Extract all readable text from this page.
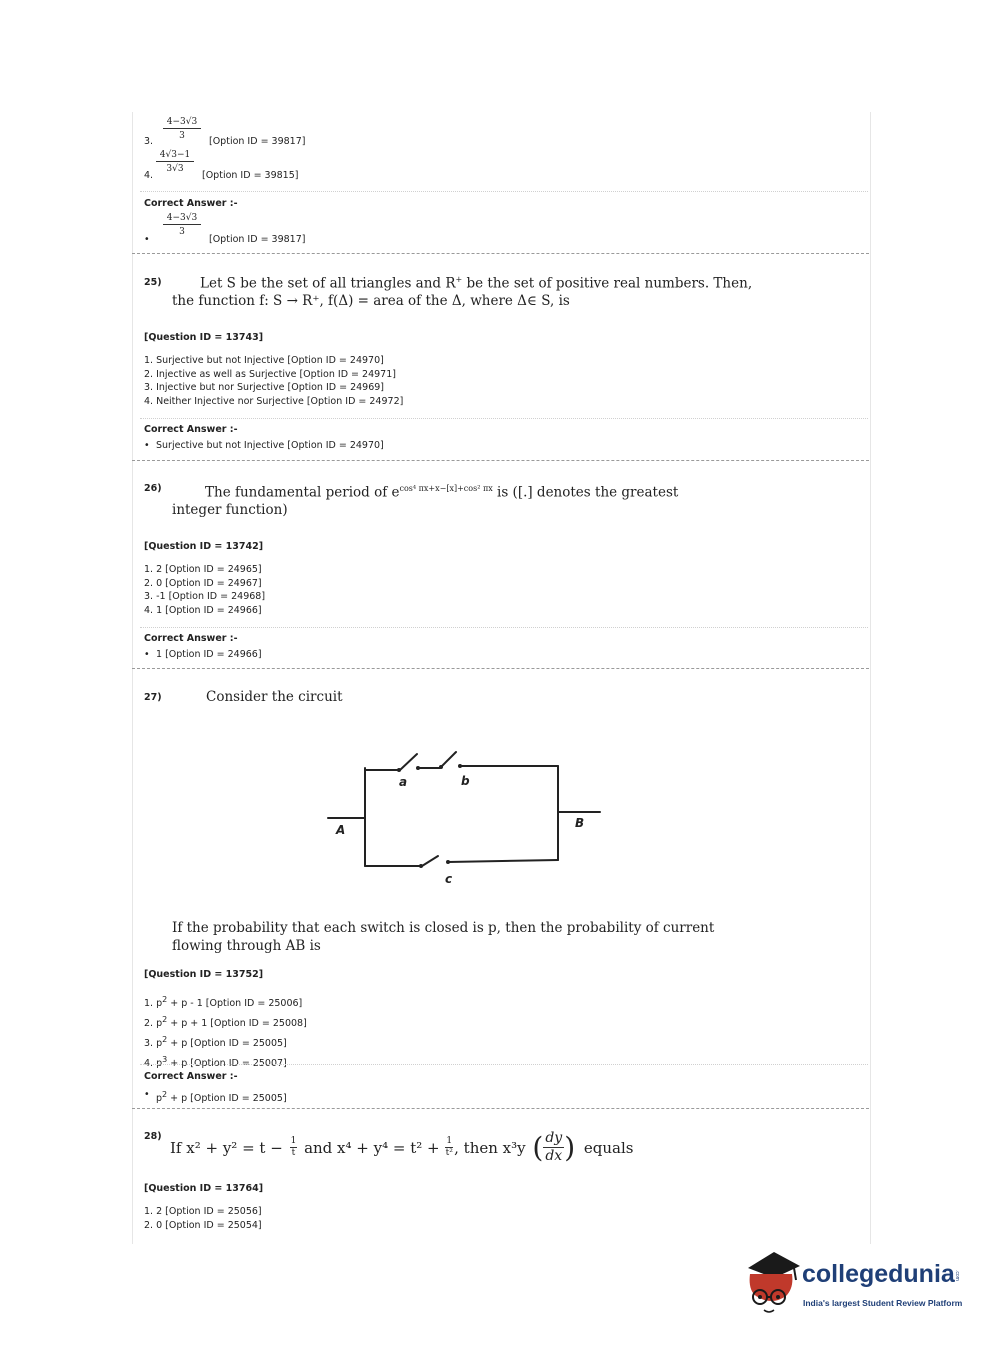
$\frac{4-3√3}{3}$
3.	[Option ID = 39817]
$\frac{4√3-1}{3√3}$
4.	[Option ID = 39815]
Correct Answer :-
$\frac{4-3√3}{3}$
•	[Option ID = 39817]
25)	Let S be the set of all triangles and R+ be the set of positive real numbers. Then,
the function f: S → R⁺, f(Δ) = area of the Δ, where Δ∈ S, is
[Question ID = 13743]
1. Surjective but not Injective [Option ID = 24970]
2. Injective as well as Surjective [Option ID = 24971]
3. Injective but nor Surjective [Option ID = 24969]
4. Neither Injective nor Surjective [Option ID = 24972]
Correct Answer :-
• Surjective but not Injective [Option ID = 24970]
26)	The fundamental period of $e^{cos^4 \pi x+x-[x]+cos^2 \pi x}$ is ([.] denotes the greatest
integer function)
[Question ID = 13742]
1. 2 [Option ID = 24965]
2. 0 [Option ID = 24967]
3. -1 [Option ID = 24968]
4. 1 [Option ID = 24966]
Correct Answer :-
• 1 [Option ID = 24966]
27)	Consider the circuit
a	b
c
A	B
If the probability that each switch is closed is p, then the probability of current
flowing through AB is
[Question ID = 13752]
1. $p^2 + p - 1$ [Option ID = 25006]
2. $p^2 + p + 1$ [Option ID = 25008]
3. $p^2 + p$ [Option ID = 25005]
4. $p^3 + p$ [Option ID = 25007]
Correct Answer :-
• $p^2 + p$ [Option ID = 25005]
28)
If $x^2 + y^2 = t - \frac{1}{t}$ and $x^4 + y^4 = t^2 + \frac{1}{\text{t²}}$ , then x³y ( $\frac{dy}{dx}$ ) equals
[Question ID = 13764]
1. 2 [Option ID = 25056]
2. 0 [Option ID = 25054]
collegedunia .com
India's largest Student Review Platform
